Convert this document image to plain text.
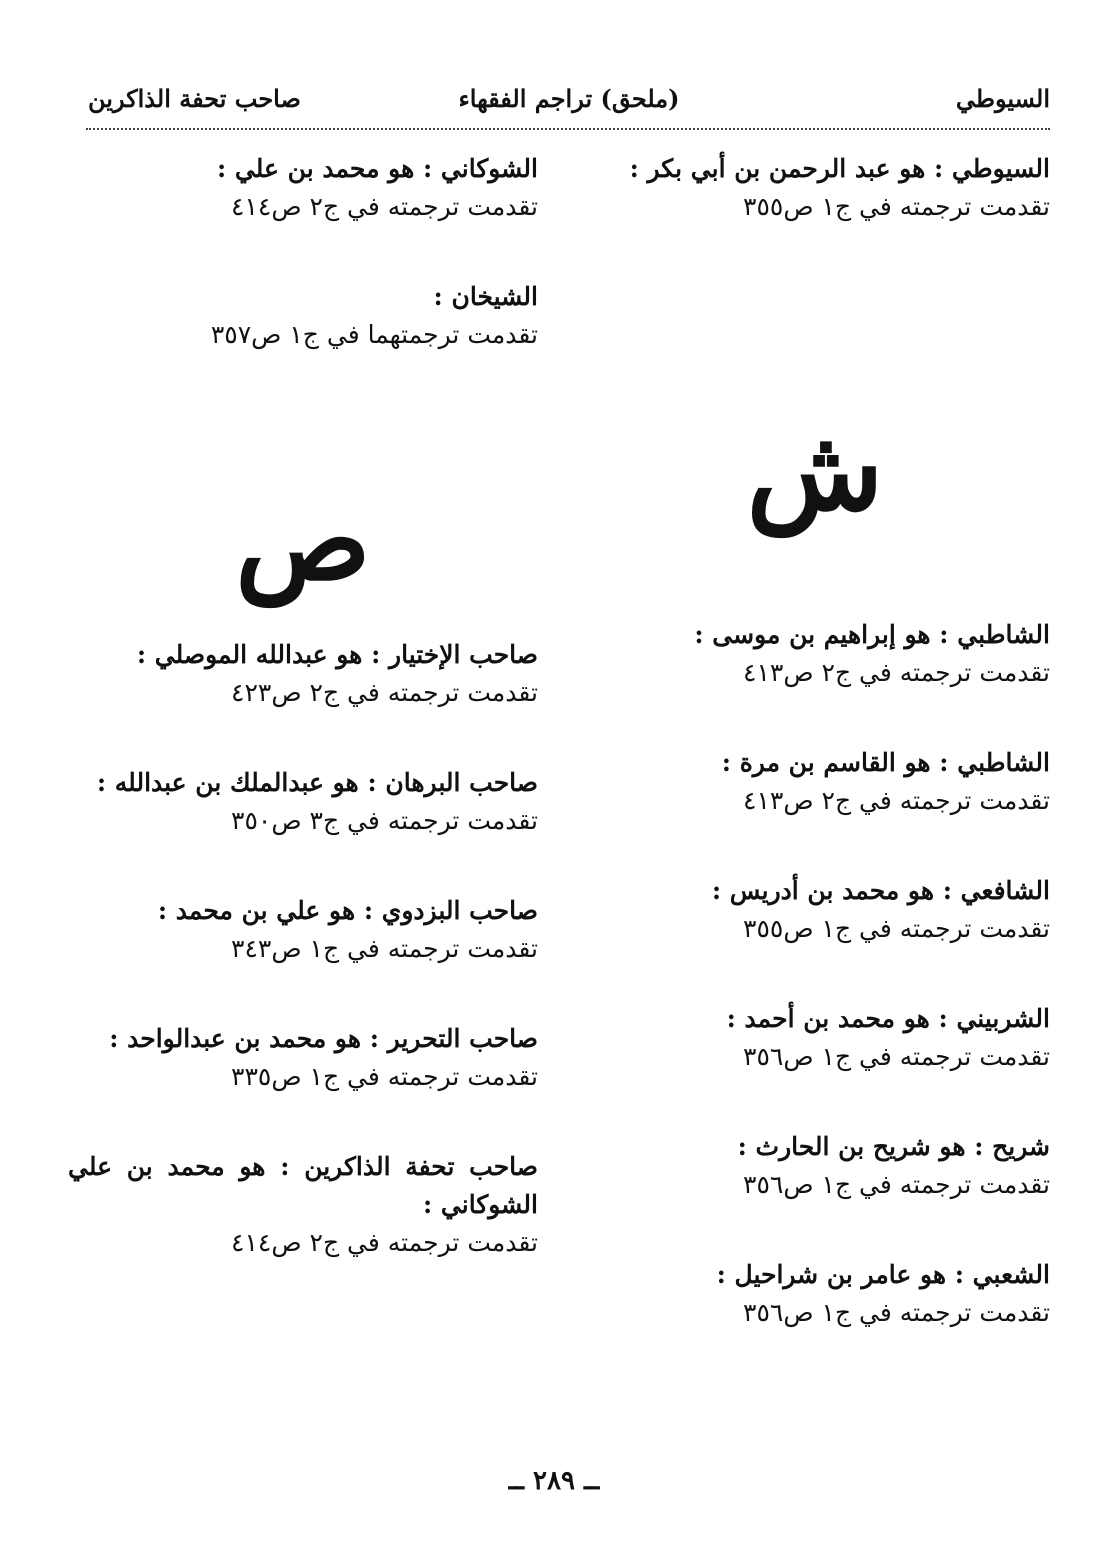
السيوطي
(ملحق) تراجم الفقهاء
صاحب تحفة الذاكرين
السيوطي : هو عبد الرحمن بن أبي بكر :
تقدمت ترجمته في ج١ ص٣٥٥
ش
الشاطبي : هو إبراهيم بن موسى :
تقدمت ترجمته في ج٢ ص٤١٣
الشاطبي : هو القاسم بن مرة :
تقدمت ترجمته في ج٢ ص٤١٣
الشافعي : هو محمد بن أدريس :
تقدمت ترجمته في ج١ ص٣٥٥
الشربيني : هو محمد بن أحمد :
تقدمت ترجمته في ج١ ص٣٥٦
شريح : هو شريح بن الحارث :
تقدمت ترجمته في ج١ ص٣٥٦
الشعبي : هو عامر بن شراحيل :
تقدمت ترجمته في ج١ ص٣٥٦
الشوكاني : هو محمد بن علي :
تقدمت ترجمته في ج٢ ص٤١٤
الشيخان :
تقدمت ترجمتهما في ج١ ص٣٥٧
ص
صاحب الإختيار : هو عبدالله الموصلي :
تقدمت ترجمته في ج٢ ص٤٢٣
صاحب البرهان : هو عبدالملك بن عبدالله :
تقدمت ترجمته في ج٣ ص٣٥٠
صاحب البزدوي : هو علي بن محمد :
تقدمت ترجمته في ج١ ص٣٤٣
صاحب التحرير : هو محمد بن عبدالواحد :
تقدمت ترجمته في ج١ ص٣٣٥
صاحب تحفة الذاكرين : هو محمد بن علي الشوكاني :
تقدمت ترجمته في ج٢ ص٤١٤
ــ ٢٨٩ ــ
